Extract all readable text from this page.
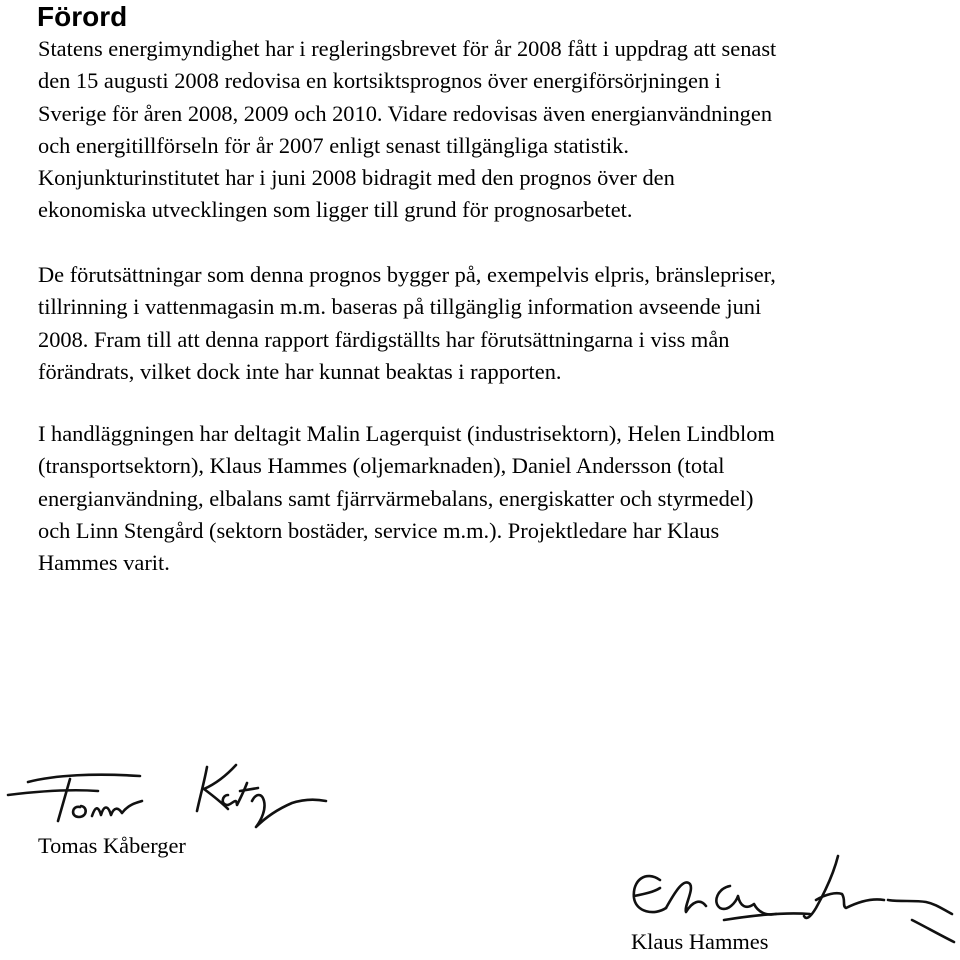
Förord

Statens energimyndighet har i regleringsbrevet för år 2008 fått i uppdrag att senast
den 15 augusti 2008 redovisa en kortsiktsprognos över energiförsörjningen i
Sverige för åren 2008, 2009 och 2010. Vidare redovisas även energianvändningen
och energitillförseln för år 2007 enligt senast tillgängliga statistik.
Konjunkturinstitutet har i juni 2008 bidragit med den prognos över den
ekonomiska utvecklingen som ligger till grund för prognosarbetet.

De förutsättningar som denna prognos bygger på, exempelvis elpris, bränslepriser,
tillrinning i vattenmagasin m.m. baseras på tillgänglig information avseende juni
2008. Fram till att denna rapport färdigställts har förutsättningarna i viss mån
förändrats, vilket dock inte har kunnat beaktas i rapporten.

I handläggningen har deltagit Malin Lagerquist (industrisektorn), Helen Lindblom
(transportsektorn), Klaus Hammes (oljemarknaden), Daniel Andersson (total
energianvändning, elbalans samt fjärrvärmebalans, energiskatter och styrmedel)
och Linn Stengård (sektorn bostäder, service m.m.). Projektledare har Klaus
Hammes varit.

Tomas Kåberger

Klaus Hammes
